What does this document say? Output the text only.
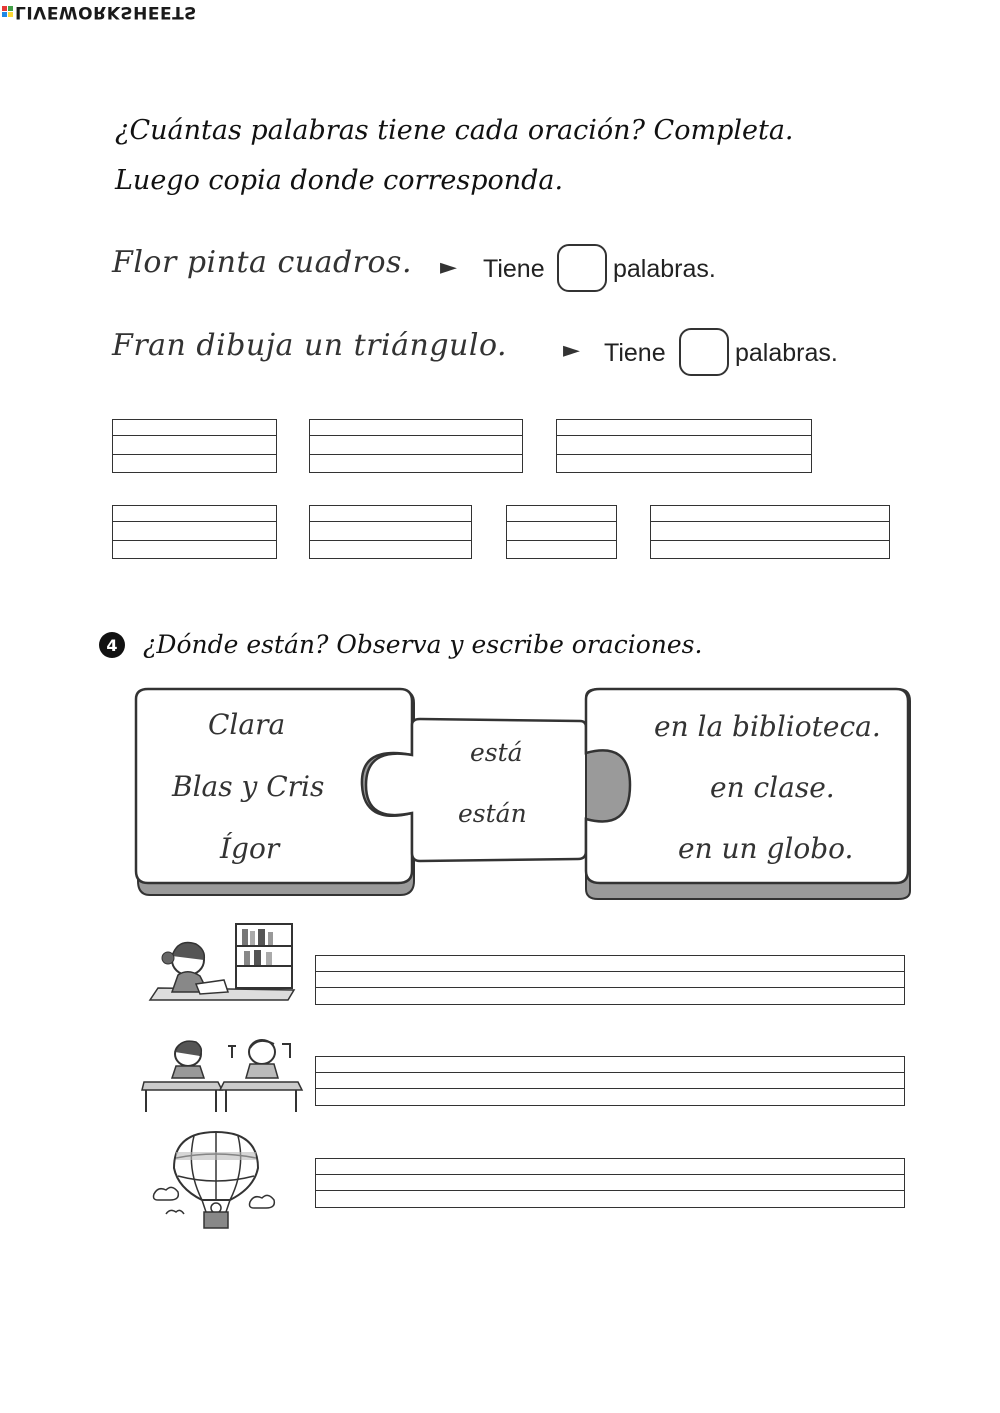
LIVEWORKSHEETS
¿Cuántas palabras tiene cada oración? Completa.
Luego copia donde corresponda.
Flor pinta cuadros. ► Tiene	palabras.
Fran dibuja un triángulo.	► Tiene	palabras.
4 ¿Dónde están? Observa y escribe oraciones.
Clara
Blas y Cris
Ígor
está
están
en la biblioteca.
en clase.
en un globo.
